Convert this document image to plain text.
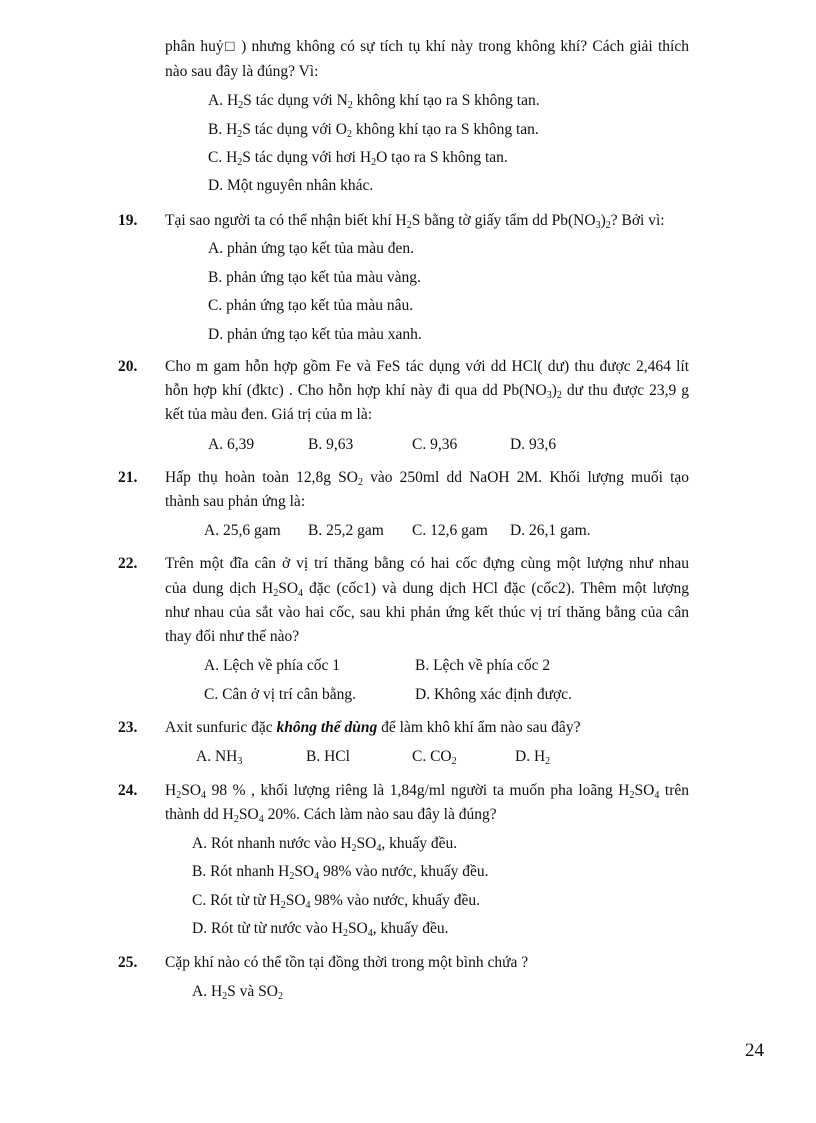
phân huỷ□ ) nhưng không có sự tích tụ khí này trong không khí? Cách giải thích
nào sau đây là đúng? Vì:
A. $H_2S$ tác dụng với $N_2$ không khí tạo ra S không tan.
B. $H_2S$ tác dụng với $O_2$ không khí tạo ra S không tan.
C. $H_2S$ tác dụng với hơi $H_2O$ tạo ra S không tan.
D. Một nguyên nhân khác.
19. Tại sao người ta có thể nhận biết khí $H_2S$ bằng tờ giấy tẩm dd $Pb(NO_3)_2$? Bởi vì:
A. phản ứng tạo kết tủa màu đen.
B. phản ứng tạo kết tủa màu vàng.
C. phản ứng tạo kết tủa màu nâu.
D. phản ứng tạo kết tủa màu xanh.
20. Cho m gam hỗn hợp gồm Fe và FeS tác dụng với dd HCl( dư) thu được 2,464 lít
hỗn hợp khí (đktc) . Cho hỗn hợp khí này đi qua dd $Pb(NO_3)_2$ dư thu được 23,9 g
kết tủa màu đen. Giá trị của m là:
A. 6,39	B. 9,63	C. 9,36	D. 93,6
21. Hấp thụ hoàn toàn 12,8g $SO_2$ vào 250ml dd NaOH 2M. Khối lượng muối tạo
thành sau phản ứng là:
A. 25,6 gam B. 25,2 gam C. 12,6 gam D. 26,1 gam.
22. Trên một đĩa cân ở vị trí thăng bằng có hai cốc đựng cùng một lượng như nhau
của dung dịch $H_2SO_4$ đặc (cốc1) và dung dịch HCl đặc (cốc2). Thêm một lượng
như nhau của sắt vào hai cốc, sau khi phản ứng kết thúc vị trí thăng bằng của cân
thay đổi như thế nào?
A. Lệch về phía cốc 1	B. Lệch về phía cốc 2
C. Cân ở vị trí cân bằng.	D. Không xác định được.
23. Axit sunfuric đặc không thể dùng để làm khô khí ẩm nào sau đây?
A. $NH_3$	B. HCl	C. $CO_2$	D. $H_2$
24. $H_2SO_4$ 98 % , khối lượng riêng là 1,84g/ml người ta muốn pha loãng $H_2SO_4$ trên
thành dd $H_2SO_4$ 20%. Cách làm nào sau đây là đúng?
A. Rót nhanh nước vào $H_2SO_4$, khuấy đều.
B. Rót nhanh $H_2SO_4$ 98% vào nước, khuấy đều.
C. Rót từ từ $H_2SO_4$ 98% vào nước, khuấy đều.
D. Rót từ từ nước vào $H_2SO_4$, khuấy đều.
25. Cặp khí nào có thể tồn tại đồng thời trong một bình chứa ?
A. $H_2S$ và $SO_2$
24
